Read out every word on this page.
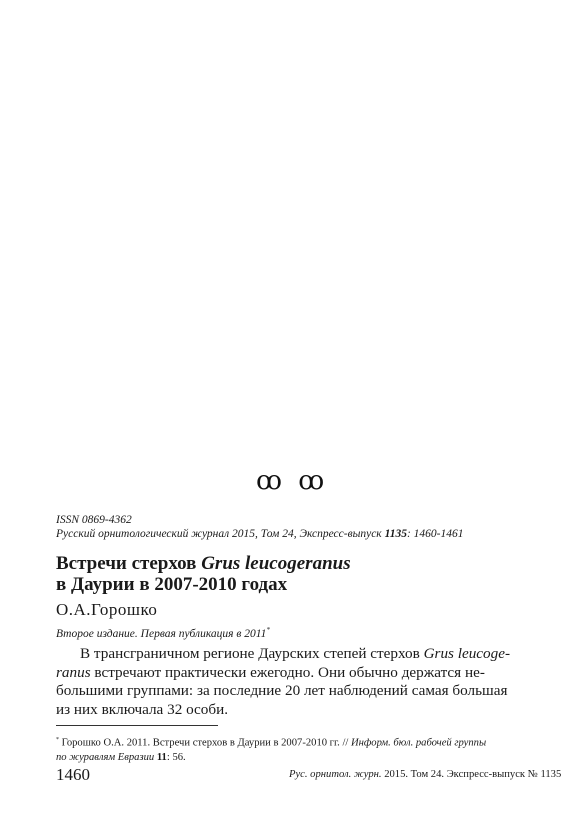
ꝏ ꝏ
ISSN 0869-4362
Русский орнитологический журнал 2015, Том 24, Экспресс-выпуск 1135: 1460-1461
Встречи стерхов Grus leucogeranus
в Даурии в 2007-2010 годах
О.А.Горошко
Второе издание. Первая публикация в 2011*
В трансграничном регионе Даурских степей стерхов Grus leucoge-
ranus встречают практически ежегодно. Они обычно держатся не-
большими группами: за последние 20 лет наблюдений самая большая
из них включала 32 особи.
* Горошко О.А. 2011. Встречи стерхов в Даурии в 2007-2010 гг. // Информ. бюл. рабочей группы
по журавлям Евразии 11: 56.
1460	Рус. орнитол. журн. 2015. Том 24. Экспресс-выпуск № 1135
